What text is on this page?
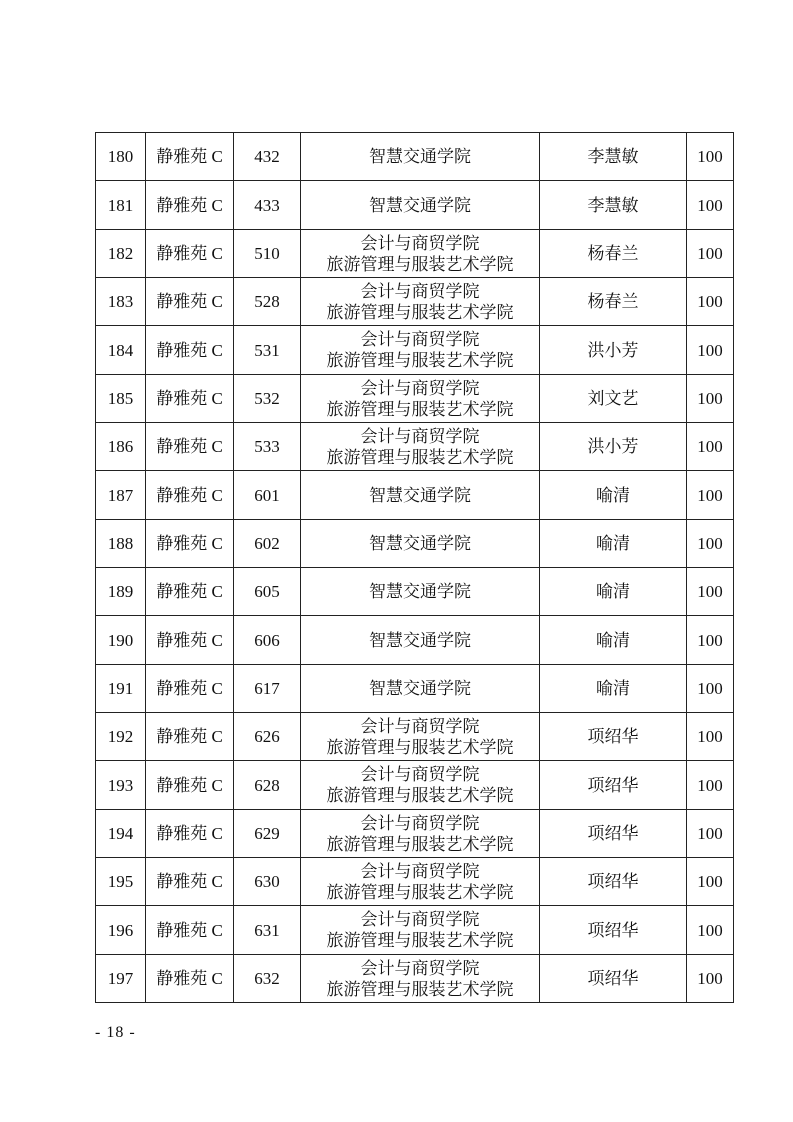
180	静雅苑 C	432	智慧交通学院	李慧敏	100
181	静雅苑 C	433	智慧交通学院	李慧敏	100
182	静雅苑 C	510	会计与商贸学院
旅游管理与服装艺术学院	杨春兰	100
183	静雅苑 C	528	会计与商贸学院
旅游管理与服装艺术学院	杨春兰	100
184	静雅苑 C	531	会计与商贸学院
旅游管理与服装艺术学院	洪小芳	100
185	静雅苑 C	532	会计与商贸学院
旅游管理与服装艺术学院	刘文艺	100
186	静雅苑 C	533	会计与商贸学院
旅游管理与服装艺术学院	洪小芳	100
187	静雅苑 C	601	智慧交通学院	喻清	100
188	静雅苑 C	602	智慧交通学院	喻清	100
189	静雅苑 C	605	智慧交通学院	喻清	100
190	静雅苑 C	606	智慧交通学院	喻清	100
191	静雅苑 C	617	智慧交通学院	喻清	100
192	静雅苑 C	626	会计与商贸学院
旅游管理与服装艺术学院	项绍华	100
193	静雅苑 C	628	会计与商贸学院
旅游管理与服装艺术学院	项绍华	100
194	静雅苑 C	629	会计与商贸学院
旅游管理与服装艺术学院	项绍华	100
195	静雅苑 C	630	会计与商贸学院
旅游管理与服装艺术学院	项绍华	100
196	静雅苑 C	631	会计与商贸学院
旅游管理与服装艺术学院	项绍华	100
197	静雅苑 C	632	会计与商贸学院
旅游管理与服装艺术学院	项绍华	100
- 18 -
